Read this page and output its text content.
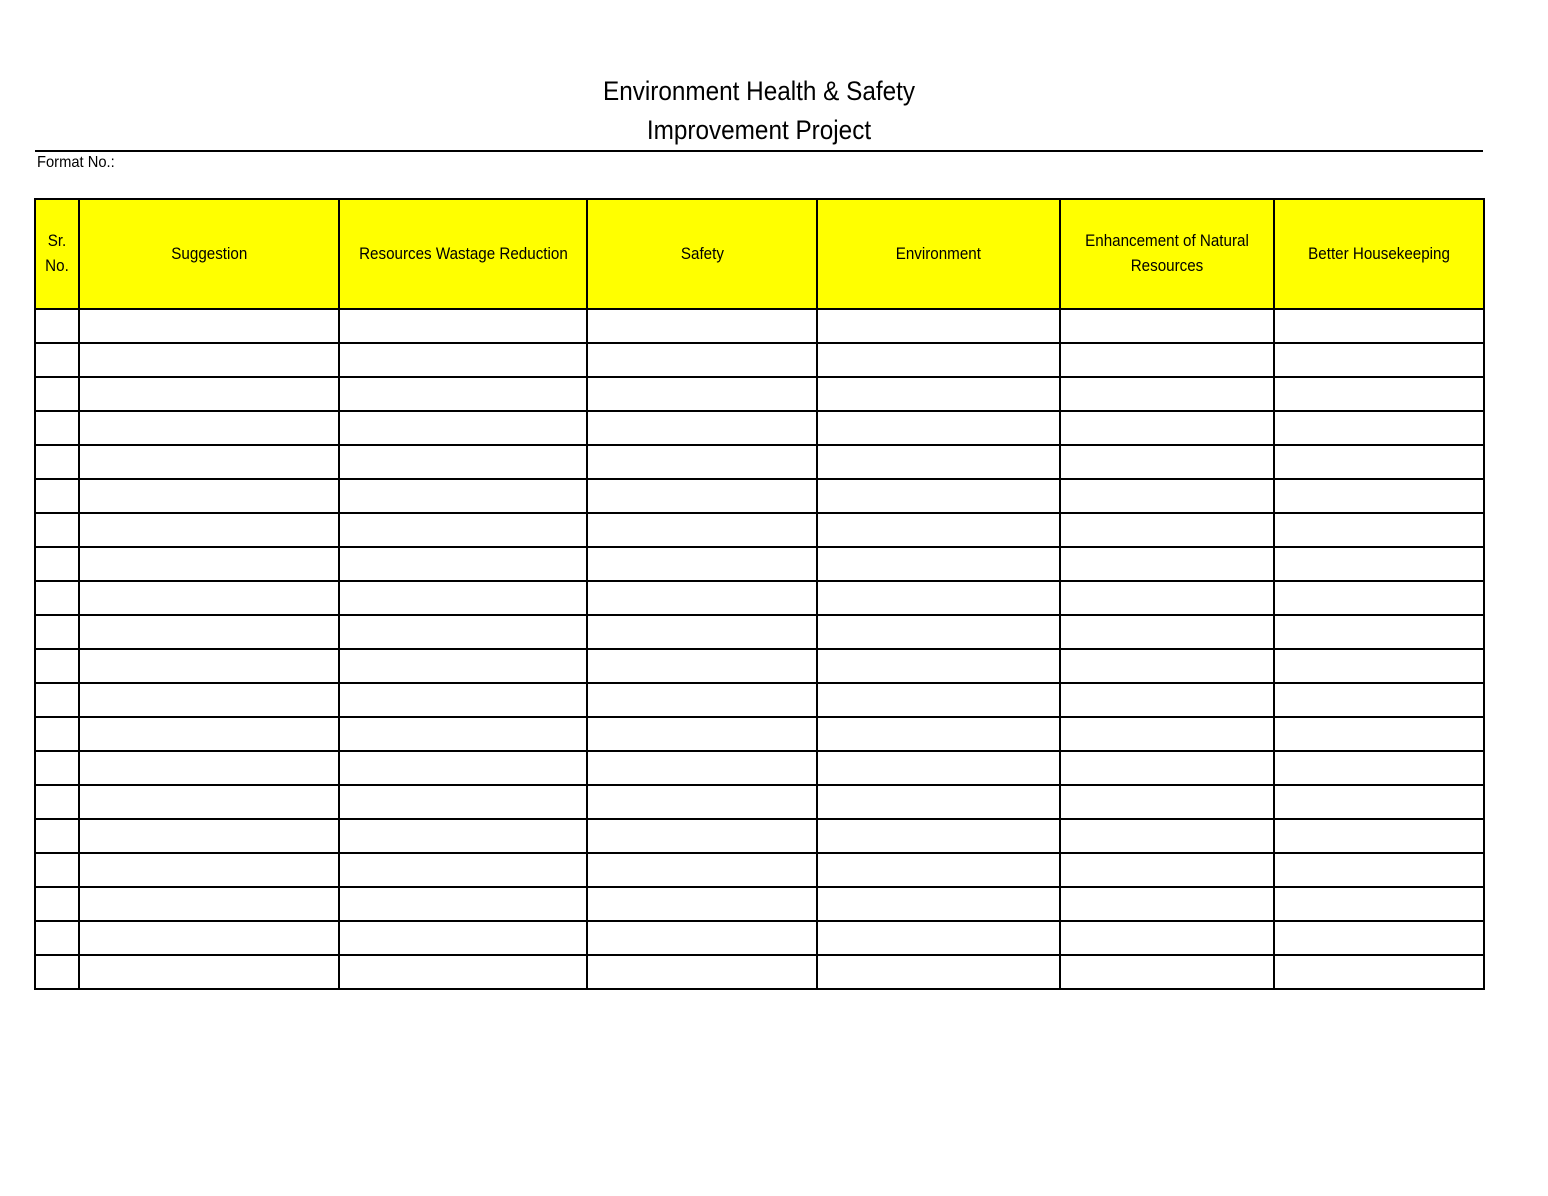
Environment Health & Safety
Improvement Project
Format No.:
Sr. No.	Suggestion	Resources Wastage Reduction	Safety	Environment	Enhancement of Natural Resources	Better Housekeeping
